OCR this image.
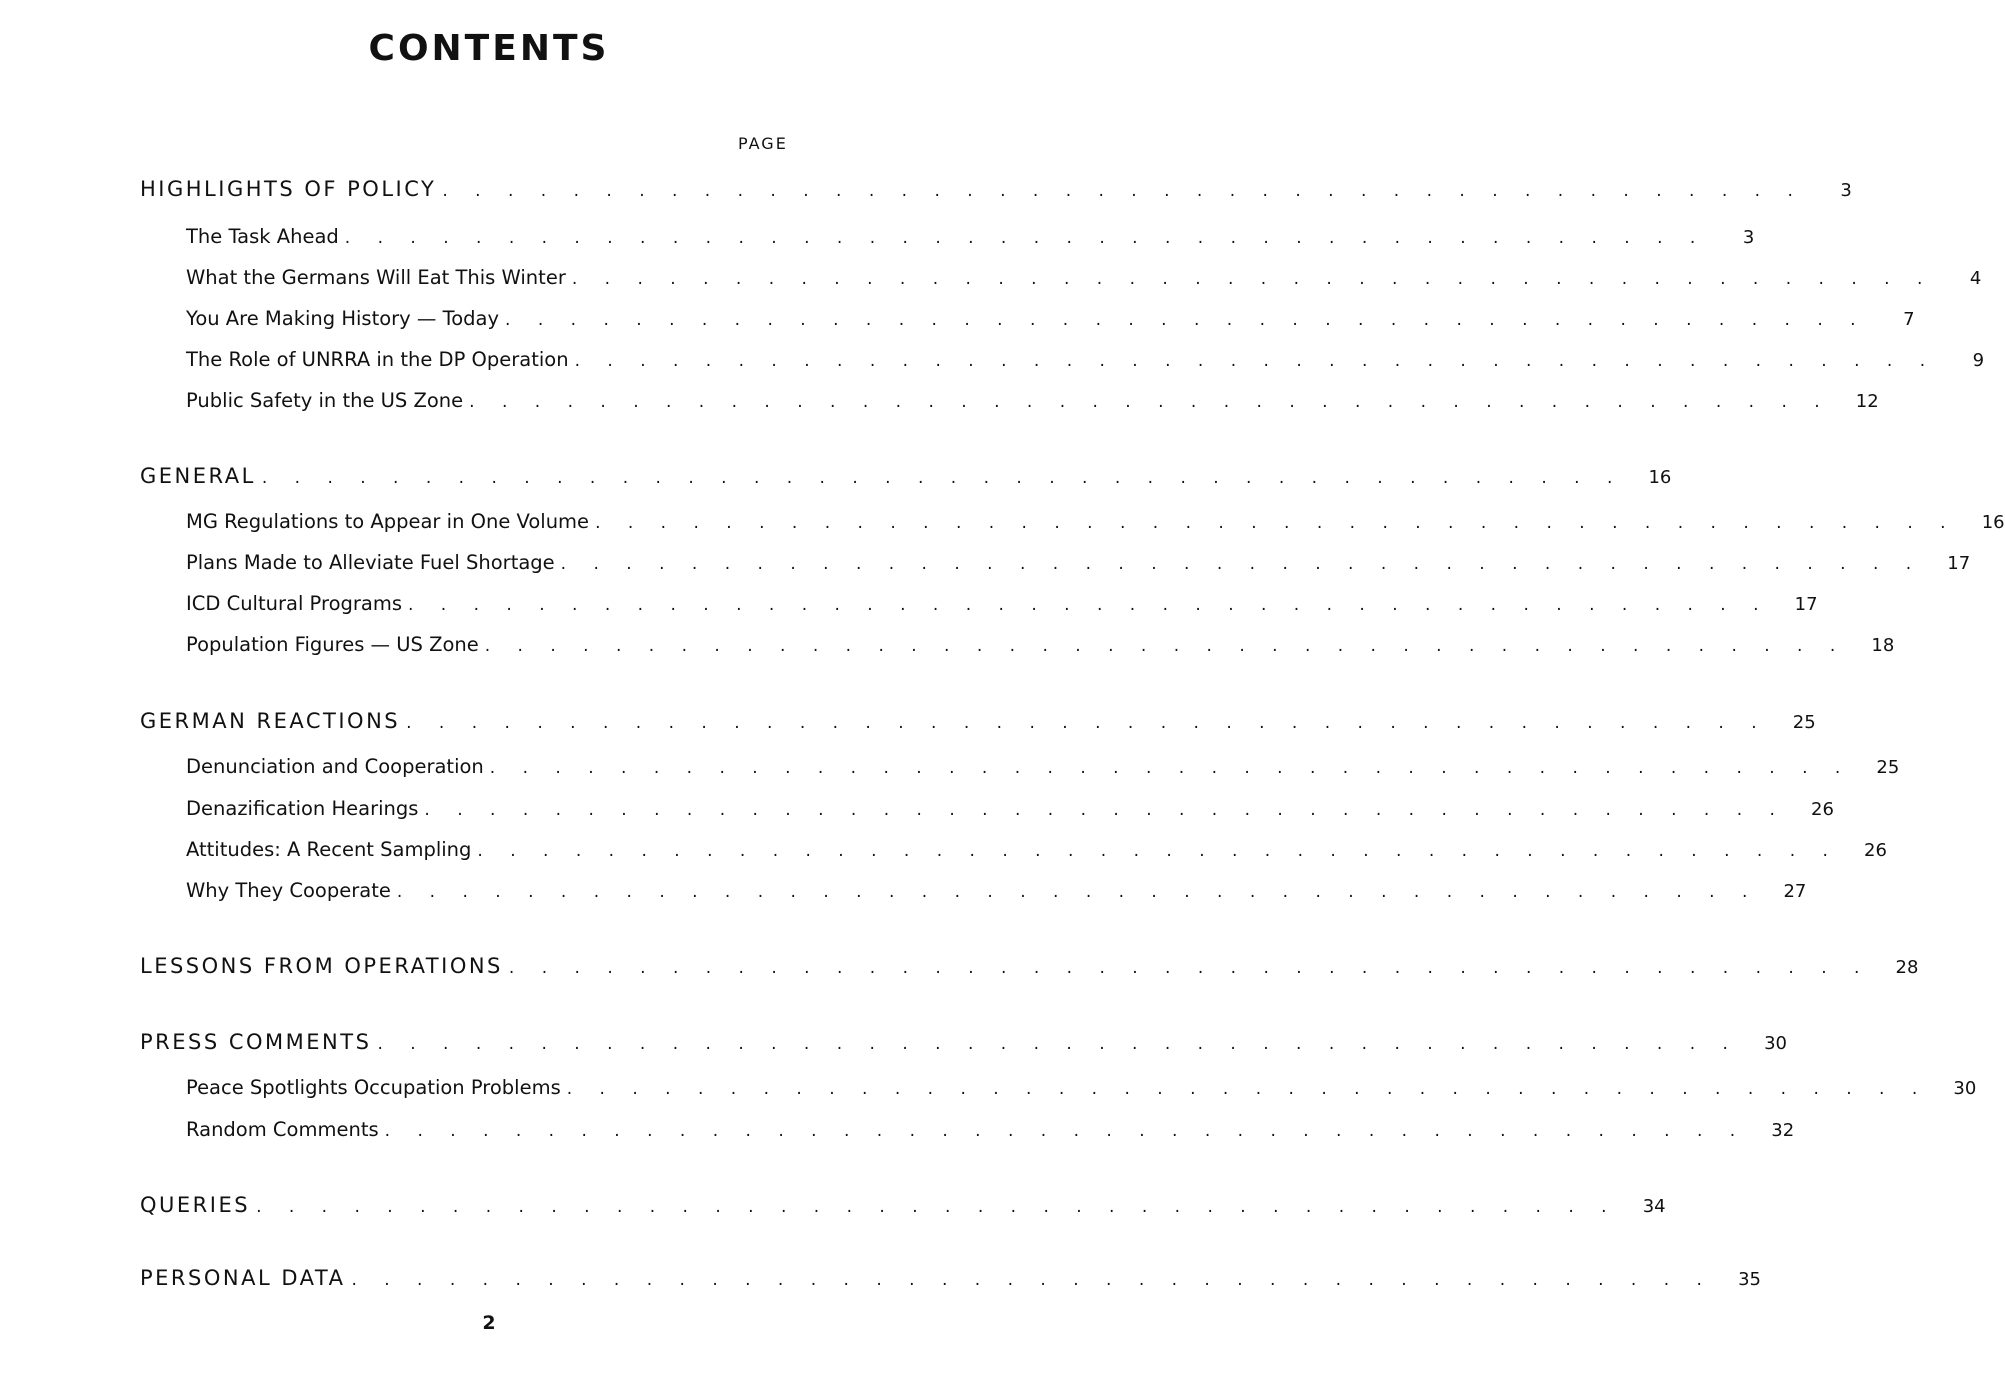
CONTENTS
PAGE
HIGHLIGHTS OF POLICY . . . . . . . . . . . . . . . . . . . . . . . . . . . . . . . . . . . . . . . . . .	3
The Task Ahead . . . . . . . . . . . . . . . . . . . . . . . . . . . . . . . . . . . . . . . . . .	3
What the Germans Will Eat This Winter . . . . . . . . . . . . . . . . . . . . . . . . . . . . . . . . . . . . . . . . . .	4
You Are Making History — Today . . . . . . . . . . . . . . . . . . . . . . . . . . . . . . . . . . . . . . . . . .	7
The Role of UNRRA in the DP Operation . . . . . . . . . . . . . . . . . . . . . . . . . . . . . . . . . . . . . . . . . .	9
Public Safety in the US Zone . . . . . . . . . . . . . . . . . . . . . . . . . . . . . . . . . . . . . . . . . .	12
GENERAL . . . . . . . . . . . . . . . . . . . . . . . . . . . . . . . . . . . . . . . . . .	16
MG Regulations to Appear in One Volume . . . . . . . . . . . . . . . . . . . . . . . . . . . . . . . . . . . . . . . . . .	16
Plans Made to Alleviate Fuel Shortage . . . . . . . . . . . . . . . . . . . . . . . . . . . . . . . . . . . . . . . . . .	17
ICD Cultural Programs . . . . . . . . . . . . . . . . . . . . . . . . . . . . . . . . . . . . . . . . . .	17
Population Figures — US Zone . . . . . . . . . . . . . . . . . . . . . . . . . . . . . . . . . . . . . . . . . .	18
GERMAN REACTIONS . . . . . . . . . . . . . . . . . . . . . . . . . . . . . . . . . . . . . . . . . .	25
Denunciation and Cooperation . . . . . . . . . . . . . . . . . . . . . . . . . . . . . . . . . . . . . . . . . .	25
Denazification Hearings . . . . . . . . . . . . . . . . . . . . . . . . . . . . . . . . . . . . . . . . . .	26
Attitudes: A Recent Sampling . . . . . . . . . . . . . . . . . . . . . . . . . . . . . . . . . . . . . . . . . .	26
Why They Cooperate . . . . . . . . . . . . . . . . . . . . . . . . . . . . . . . . . . . . . . . . . .	27
LESSONS FROM OPERATIONS . . . . . . . . . . . . . . . . . . . . . . . . . . . . . . . . . . . . . . . . . .	28
PRESS COMMENTS . . . . . . . . . . . . . . . . . . . . . . . . . . . . . . . . . . . . . . . . . .	30
Peace Spotlights Occupation Problems . . . . . . . . . . . . . . . . . . . . . . . . . . . . . . . . . . . . . . . . . .	30
Random Comments . . . . . . . . . . . . . . . . . . . . . . . . . . . . . . . . . . . . . . . . . .	32
QUERIES . . . . . . . . . . . . . . . . . . . . . . . . . . . . . . . . . . . . . . . . . .	34
PERSONAL DATA . . . . . . . . . . . . . . . . . . . . . . . . . . . . . . . . . . . . . . . . . .	35
2
